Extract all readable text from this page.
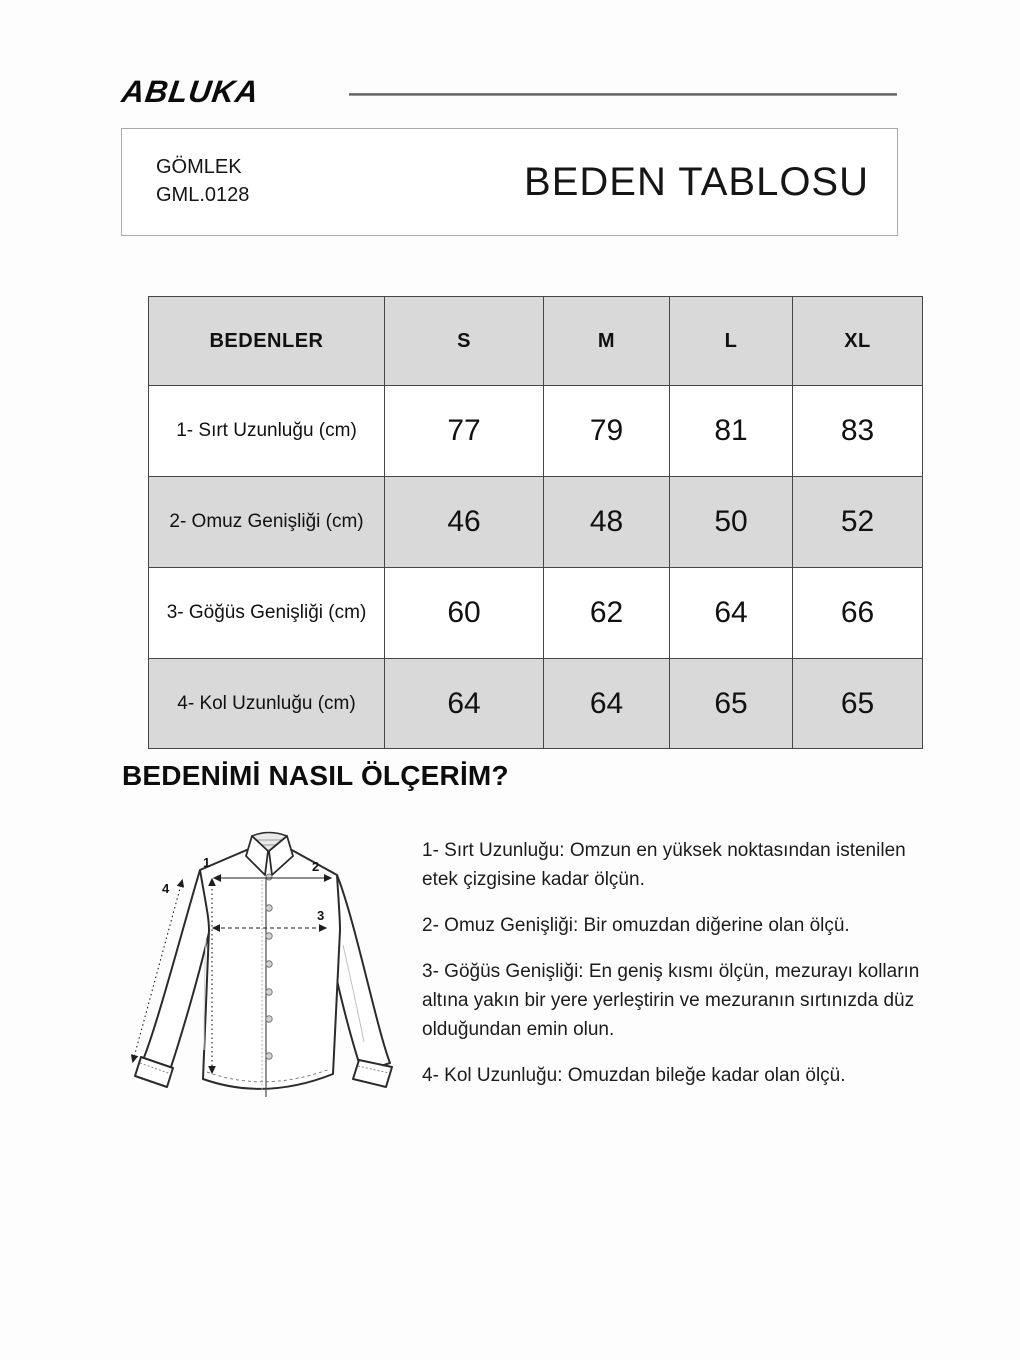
ABLUKA
GÖMLEK
GML.0128	BEDEN TABLOSU
BEDENLER	S	M	L	XL
1- Sırt Uzunluğu (cm)	77	79	81	83
2- Omuz Genişliği (cm)	46	48	50	52
3- Göğüs Genişliği (cm)	60	62	64	66
4- Kol Uzunluğu (cm)	64	64	65	65
BEDENİMİ NASIL ÖLÇERİM?
1	2
3
4

1- Sırt Uzunluğu: Omzun en yüksek noktasından istenilen etek çizgisine kadar ölçün.

2- Omuz Genişliği: Bir omuzdan diğerine olan ölçü.

3- Göğüs Genişliği: En geniş kısmı ölçün, mezurayı kolların altına yakın bir yere yerleştirin ve mezuranın sırtınızda düz olduğundan emin olun.

4- Kol Uzunluğu: Omuzdan bileğe kadar olan ölçü.
